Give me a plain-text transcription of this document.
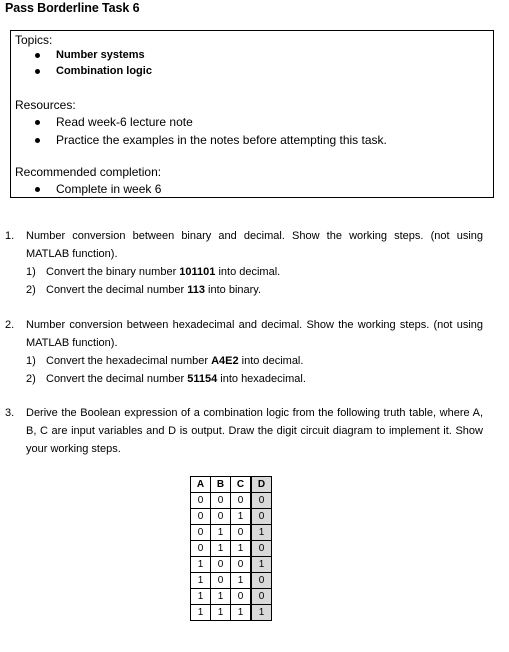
Pass Borderline Task 6
Topics:
Number systems
Combination logic
Resources:
Read week-6 lecture note
Practice the examples in the notes before attempting this task.
Recommended completion:
Complete in week 6
1. Number conversion between binary and decimal. Show the working steps. (not using MATLAB function).
1) Convert the binary number 101101 into decimal.
2) Convert the decimal number 113 into binary.
2. Number conversion between hexadecimal and decimal. Show the working steps. (not using MATLAB function).
1) Convert the hexadecimal number A4E2 into decimal.
2) Convert the decimal number 51154 into hexadecimal.
3. Derive the Boolean expression of a combination logic from the following truth table, where A, B, C are input variables and D is output. Draw the digit circuit diagram to implement it. Show your working steps.
A	B	C	D
0	0	0	0
0	0	1	0
0	1	0	1
0	1	1	0
1	0	0	1
1	0	1	0
1	1	0	0
1	1	1	1
